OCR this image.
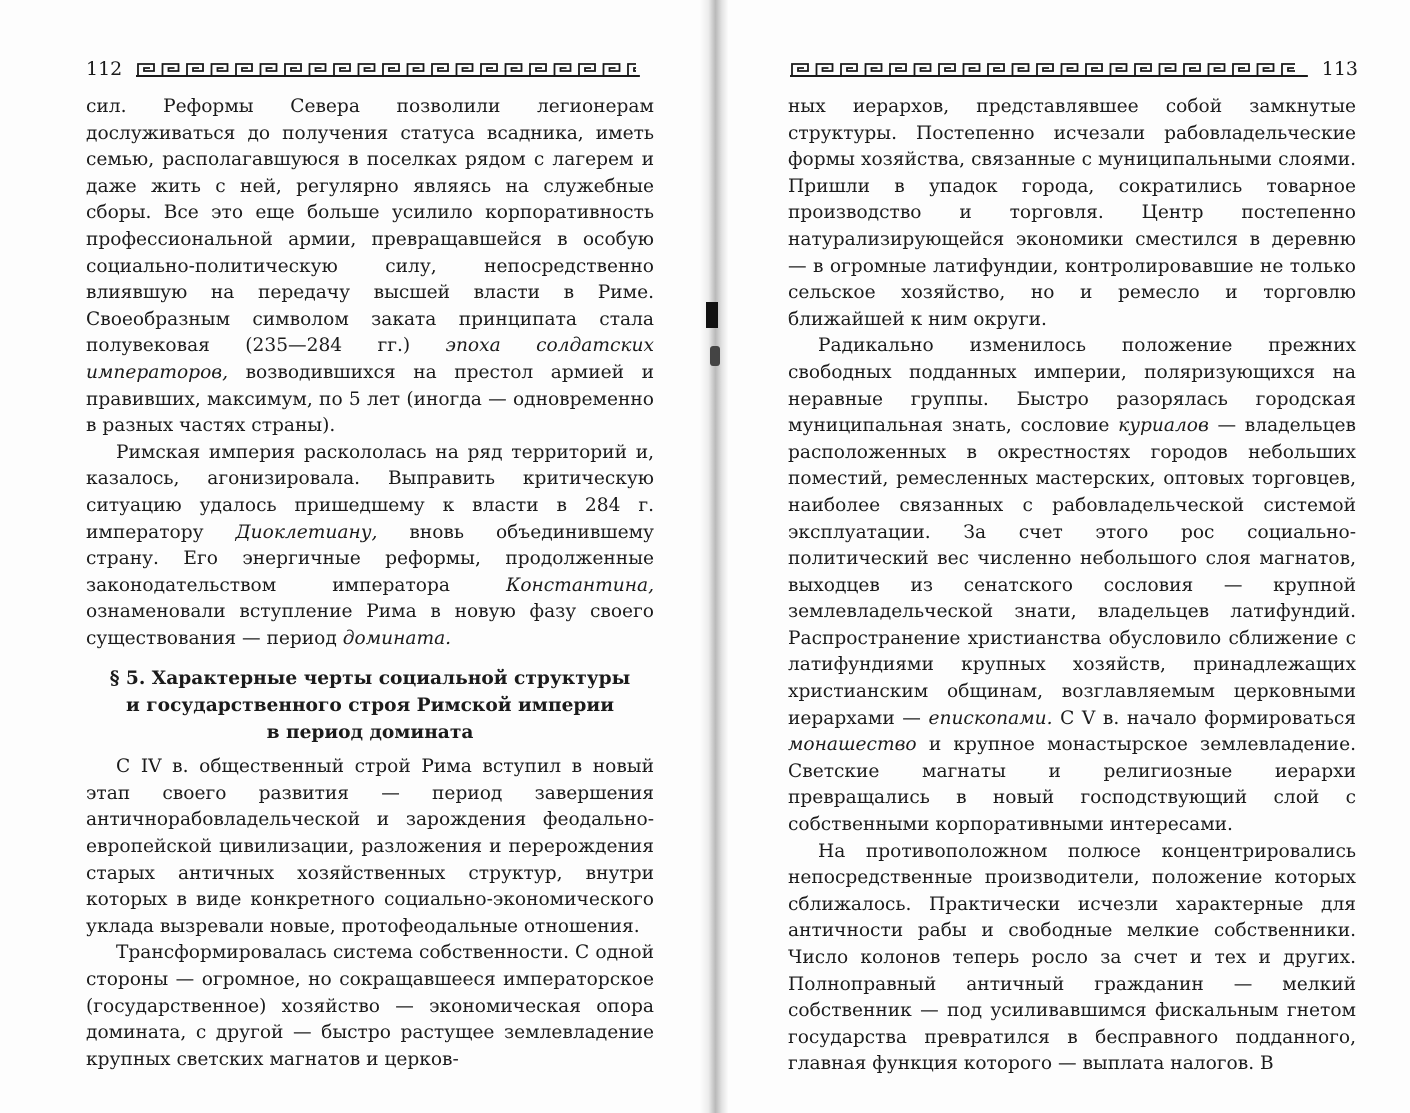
112

сил. Реформы Севера позволили легионерам дослуживаться до получения статуса всадника, иметь семью, располагавшуюся в поселках рядом с лагерем и даже жить с ней, регулярно являясь на служебные сборы. Все это еще больше усилило корпоративность профессиональной армии, превращавшейся в особую социально-политическую силу, непосредственно влиявшую на передачу высшей власти в Риме. Своеобразным символом заката принципата стала полувековая (235—284 гг.) эпоха солдатских императоров, возводившихся на престол армией и правивших, максимум, по 5 лет (иногда — одновременно в разных частях страны).

Римская империя раскололась на ряд территорий и, казалось, агонизировала. Выправить критическую ситуацию удалось пришедшему к власти в 284 г. императору Диоклетиану, вновь объединившему страну. Его энергичные реформы, продолженные законодательством императора Константина, ознаменовали вступление Рима в новую фазу своего существования — период домината.

§ 5. Характерные черты социальной структуры
и государственного строя Римской империи
в период домината

С IV в. общественный строй Рима вступил в новый этап своего развития — период завершения античнорабовладельческой и зарождения феодально-европейской цивилизации, разложения и перерождения старых античных хозяйственных структур, внутри которых в виде конкретного социально-экономического уклада вызревали новые, протофеодальные отношения.

Трансформировалась система собственности. С одной стороны — огромное, но сокращавшееся императорское (государственное) хозяйство — экономическая опора домината, с другой — быстро растущее землевладение крупных светских магнатов и церков-

113

ных иерархов, представлявшее собой замкнутые структуры. Постепенно исчезали рабовладельческие формы хозяйства, связанные с муниципальными слоями. Пришли в упадок города, сократились товарное производство и торговля. Центр постепенно натурализирующейся экономики сместился в деревню — в огромные латифундии, контролировавшие не только сельское хозяйство, но и ремесло и торговлю ближайшей к ним округи.

Радикально изменилось положение прежних свободных подданных империи, поляризующихся на неравные группы. Быстро разорялась городская муниципальная знать, сословие куриалов — владельцев расположенных в окрестностях городов небольших поместий, ремесленных мастерских, оптовых торговцев, наиболее связанных с рабовладельческой системой эксплуатации. За счет этого рос социально-политический вес численно небольшого слоя магнатов, выходцев из сенатского сословия — крупной землевладельческой знати, владельцев латифундий. Распространение христианства обусловило сближение с латифундиями крупных хозяйств, принадлежащих христианским общинам, возглавляемым церковными иерархами — епископами. С V в. начало формироваться монашество и крупное монастырское землевладение. Светские магнаты и религиозные иерархи превращались в новый господствующий слой с собственными корпоративными интересами.

На противоположном полюсе концентрировались непосредственные производители, положение которых сближалось. Практически исчезли характерные для античности рабы и свободные мелкие собственники. Число колонов теперь росло за счет и тех и других. Полноправный античный гражданин — мелкий собственник — под усиливавшимся фискальным гнетом государства превратился в бесправного подданного, главная функция которого — выплата налогов. В
